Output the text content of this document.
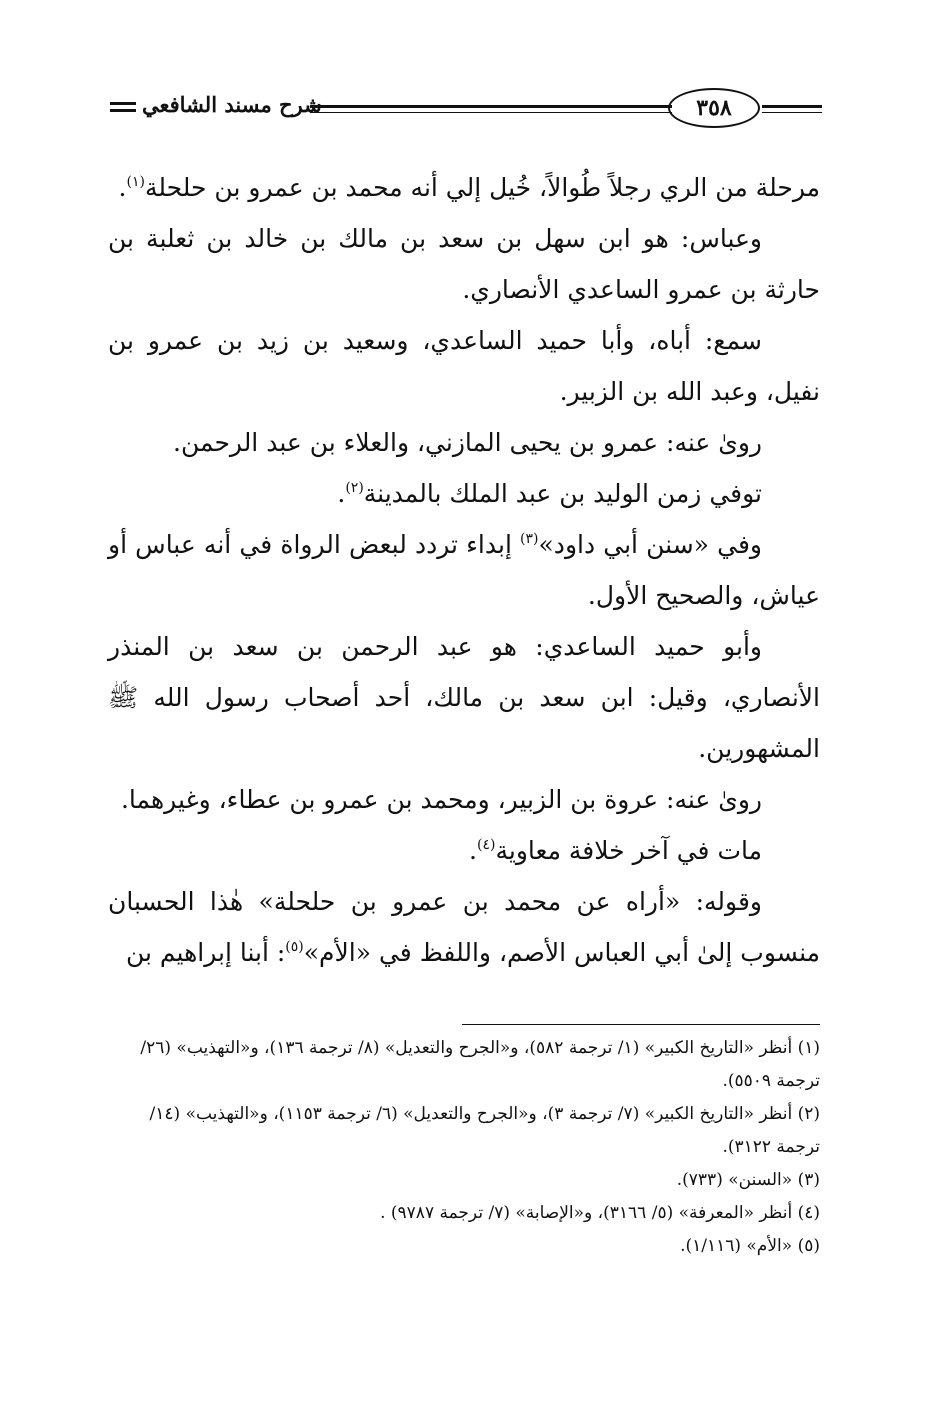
شرح مسند الشافعي	٣٥٨

مرحلة من الري رجلاً طُوالاً، خُيل إلي أنه محمد بن عمرو بن حلحلة$^{(١)}$.

وعباس: هو ابن سهل بن سعد بن مالك بن خالد بن ثعلبة بن حارثة بن عمرو الساعدي الأنصاري.

سمع: أباه، وأبا حميد الساعدي، وسعيد بن زيد بن عمرو بن نفيل، وعبد الله بن الزبير.

روىٰ عنه: عمرو بن يحيى المازني، والعلاء بن عبد الرحمن.

توفي زمن الوليد بن عبد الملك بالمدينة$^{(٢)}$.

وفي «سنن أبي داود»$^{(٣)}$ إبداء تردد لبعض الرواة في أنه عباس أو عياش، والصحيح الأول.

وأبو حميد الساعدي: هو عبد الرحمن بن سعد بن المنذر الأنصاري، وقيل: ابن سعد بن مالك، أحد أصحاب رسول الله ﷺ المشهورين.

روىٰ عنه: عروة بن الزبير، ومحمد بن عمرو بن عطاء، وغيرهما.

مات في آخر خلافة معاوية$^{(٤)}$.

وقوله: «أراه عن محمد بن عمرو بن حلحلة» هٰذا الحسبان منسوب إلىٰ أبي العباس الأصم، واللفظ في «الأم»$^{(٥)}$: أبنا إبراهيم بن

(١) أنظر «التاريخ الكبير» (١/ ترجمة ٥٨٢)، و«الجرح والتعديل» (٨/ ترجمة ١٣٦)، و«التهذيب» (٢٦/ ترجمة ٥٥٠٩).

(٢) أنظر «التاريخ الكبير» (٧/ ترجمة ٣)، و«الجرح والتعديل» (٦/ ترجمة ١١٥٣)، و«التهذيب» (١٤/ ترجمة ٣١٢٢).

(٣) «السنن» (٧٣٣).

(٤) أنظر «المعرفة» (٥/ ٣١٦٦)، و«الإصابة» (٧/ ترجمة ٩٧٨٧) .

(٥) «الأم» (١/١١٦).
